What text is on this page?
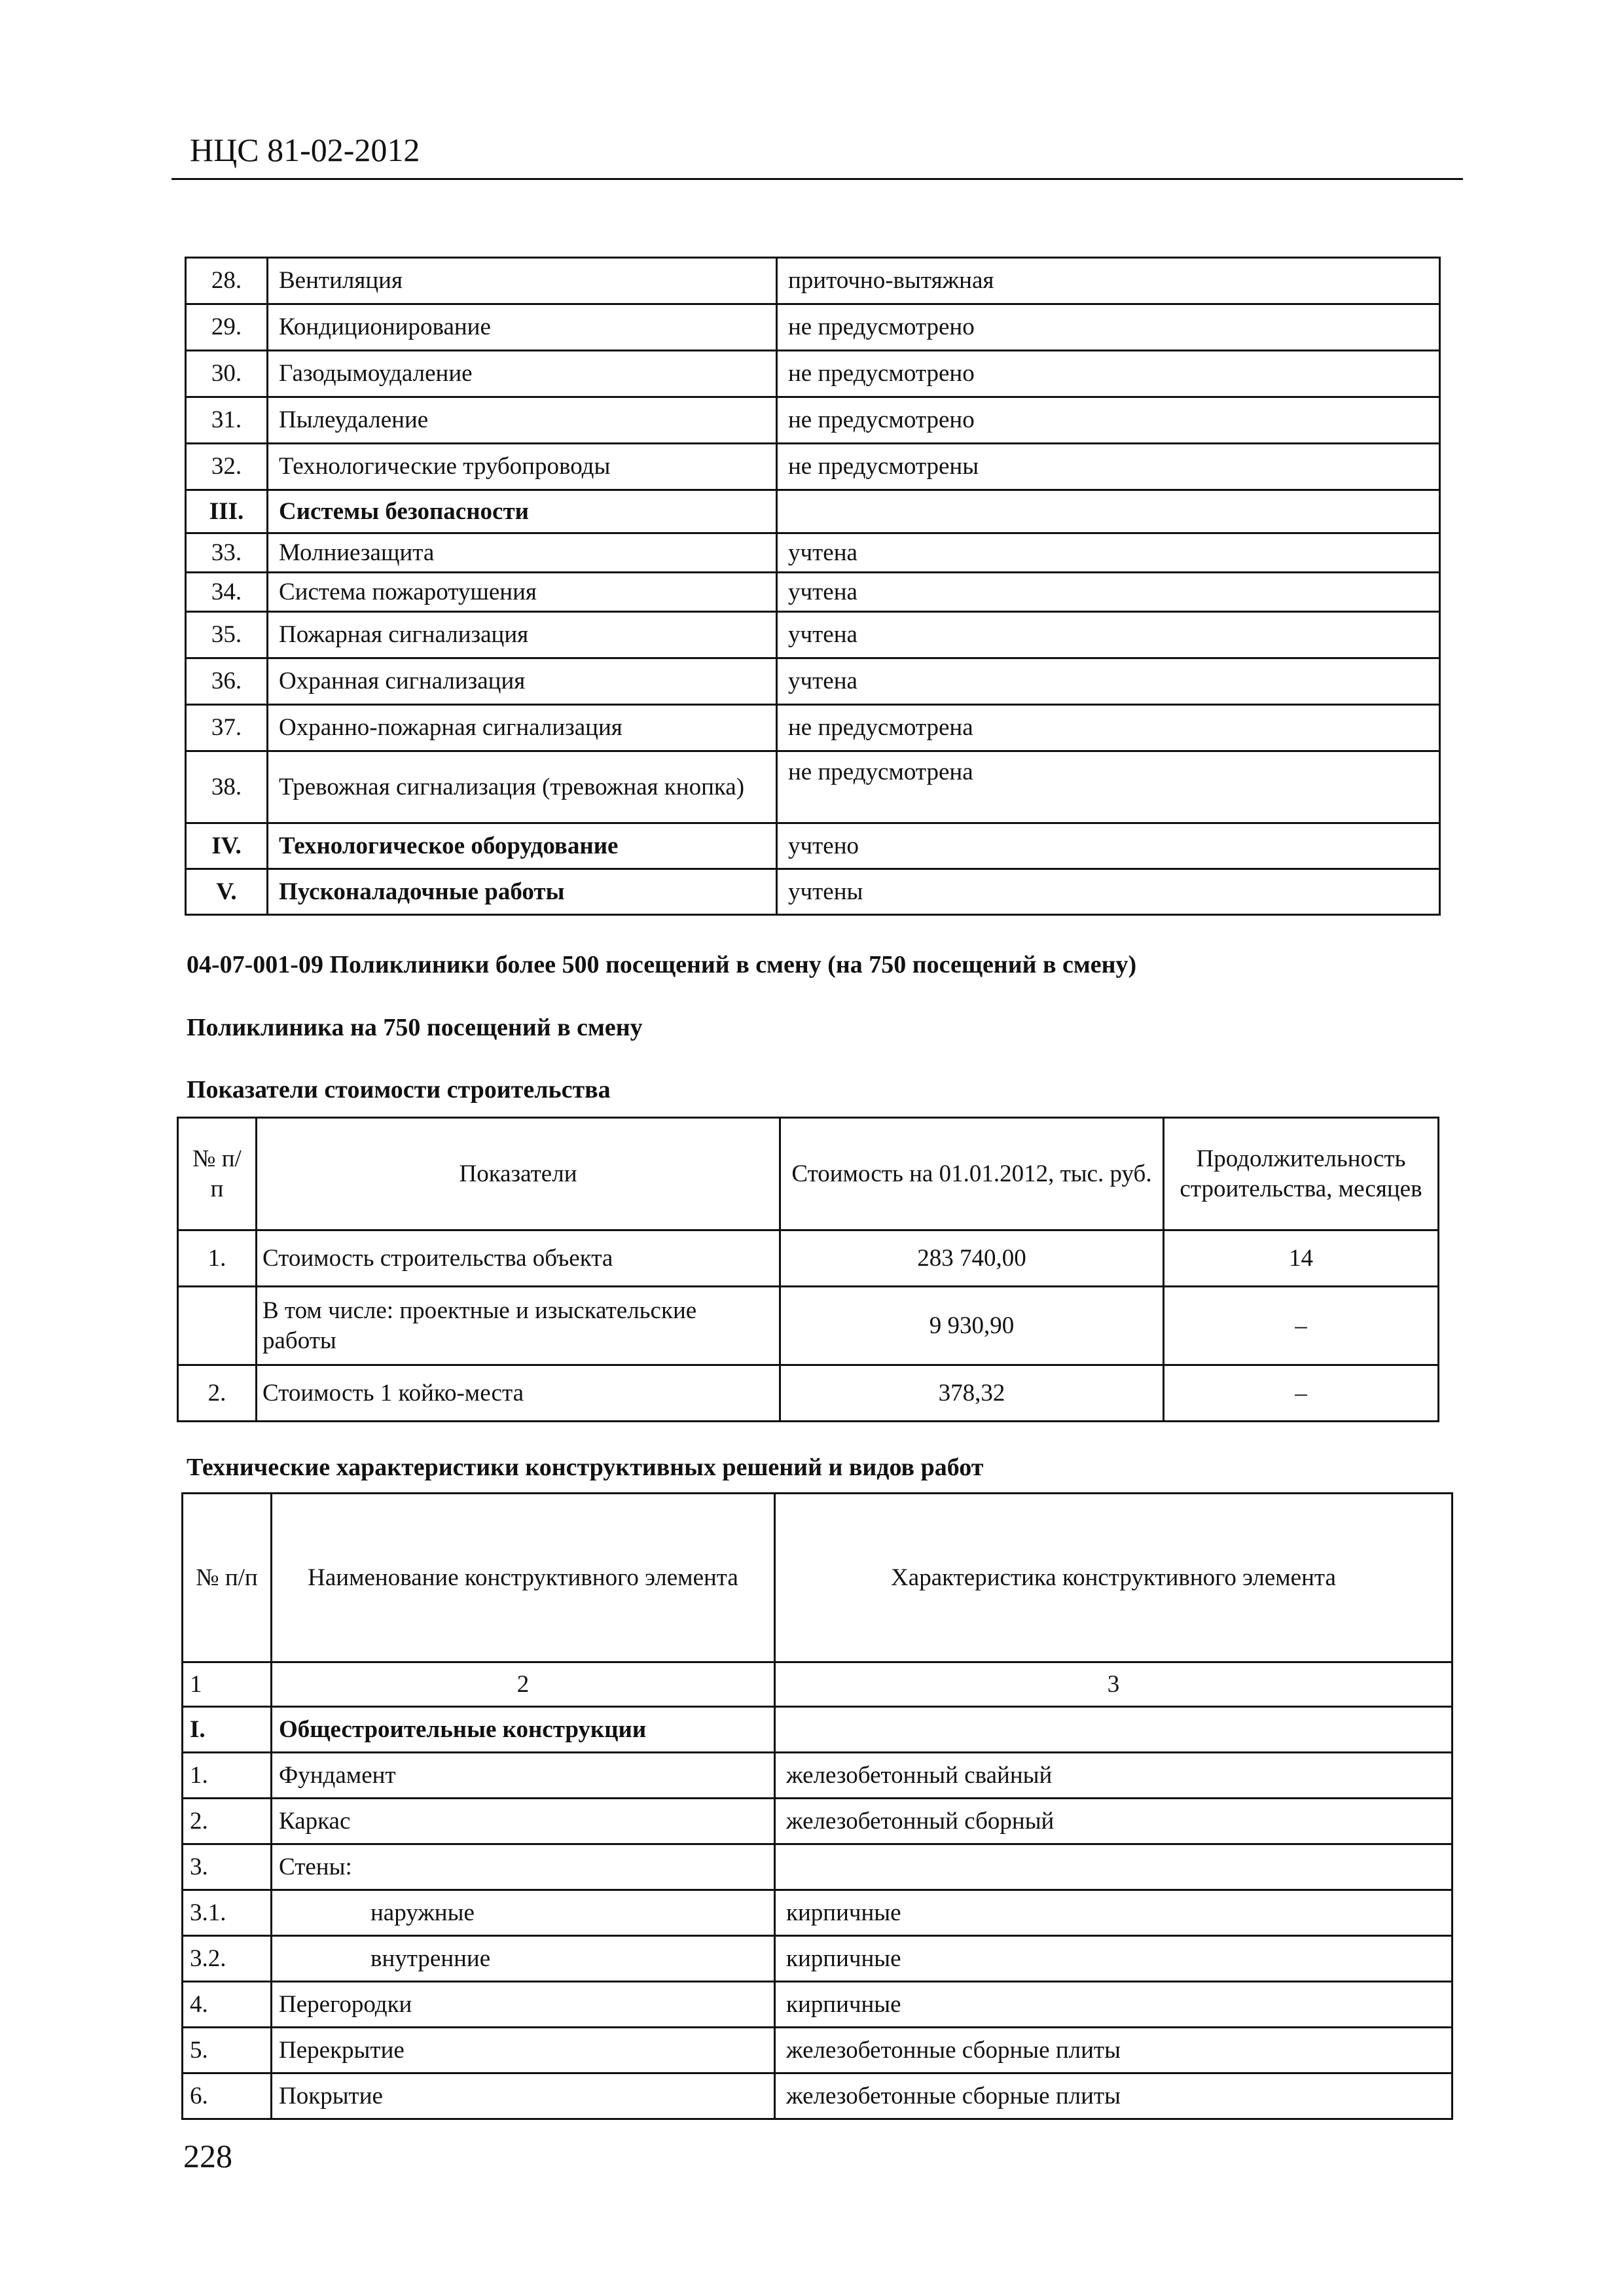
НЦС 81-02-2012
28.	Вентиляция	приточно-вытяжная
29.	Кондиционирование	не предусмотрено
30.	Газодымоудаление	не предусмотрено
31.	Пылеудаление	не предусмотрено
32.	Технологические трубопроводы	не предусмотрены
III.	Системы безопасности	
33.	Молниезащита	учтена
34.	Система пожаротушения	учтена
35.	Пожарная сигнализация	учтена
36.	Охранная сигнализация	учтена
37.	Охранно-пожарная сигнализация	не предусмотрена
38.	Тревожная сигнализация (тревожная кнопка)	не предусмотрена
IV.	Технологическое оборудование	учтено
V.	Пусконаладочные работы	учтены
04-07-001-09 Поликлиники более 500 посещений в смену (на 750 посещений в смену)
Поликлиника на 750 посещений в смену
Показатели стоимости строительства
№ п/п	Показатели	Стоимость на 01.01.2012, тыс. руб.	Продолжительность строительства, месяцев
1.	Стоимость строительства объекта	283 740,00	14
	В том числе: проектные и изыскательские работы	9 930,90	–
2.	Стоимость 1 койко-места	378,32	–
Технические характеристики конструктивных решений и видов работ
№ п/п	Наименование конструктивного элемента	Характеристика конструктивного элемента
1	2	3
I.	Общестроительные конструкции	
1.	Фундамент	железобетонный свайный
2.	Каркас	железобетонный сборный
3.	Стены:	
3.1.	наружные	кирпичные
3.2.	внутренние	кирпичные
4.	Перегородки	кирпичные
5.	Перекрытие	железобетонные сборные плиты
6.	Покрытие	железобетонные сборные плиты
228
